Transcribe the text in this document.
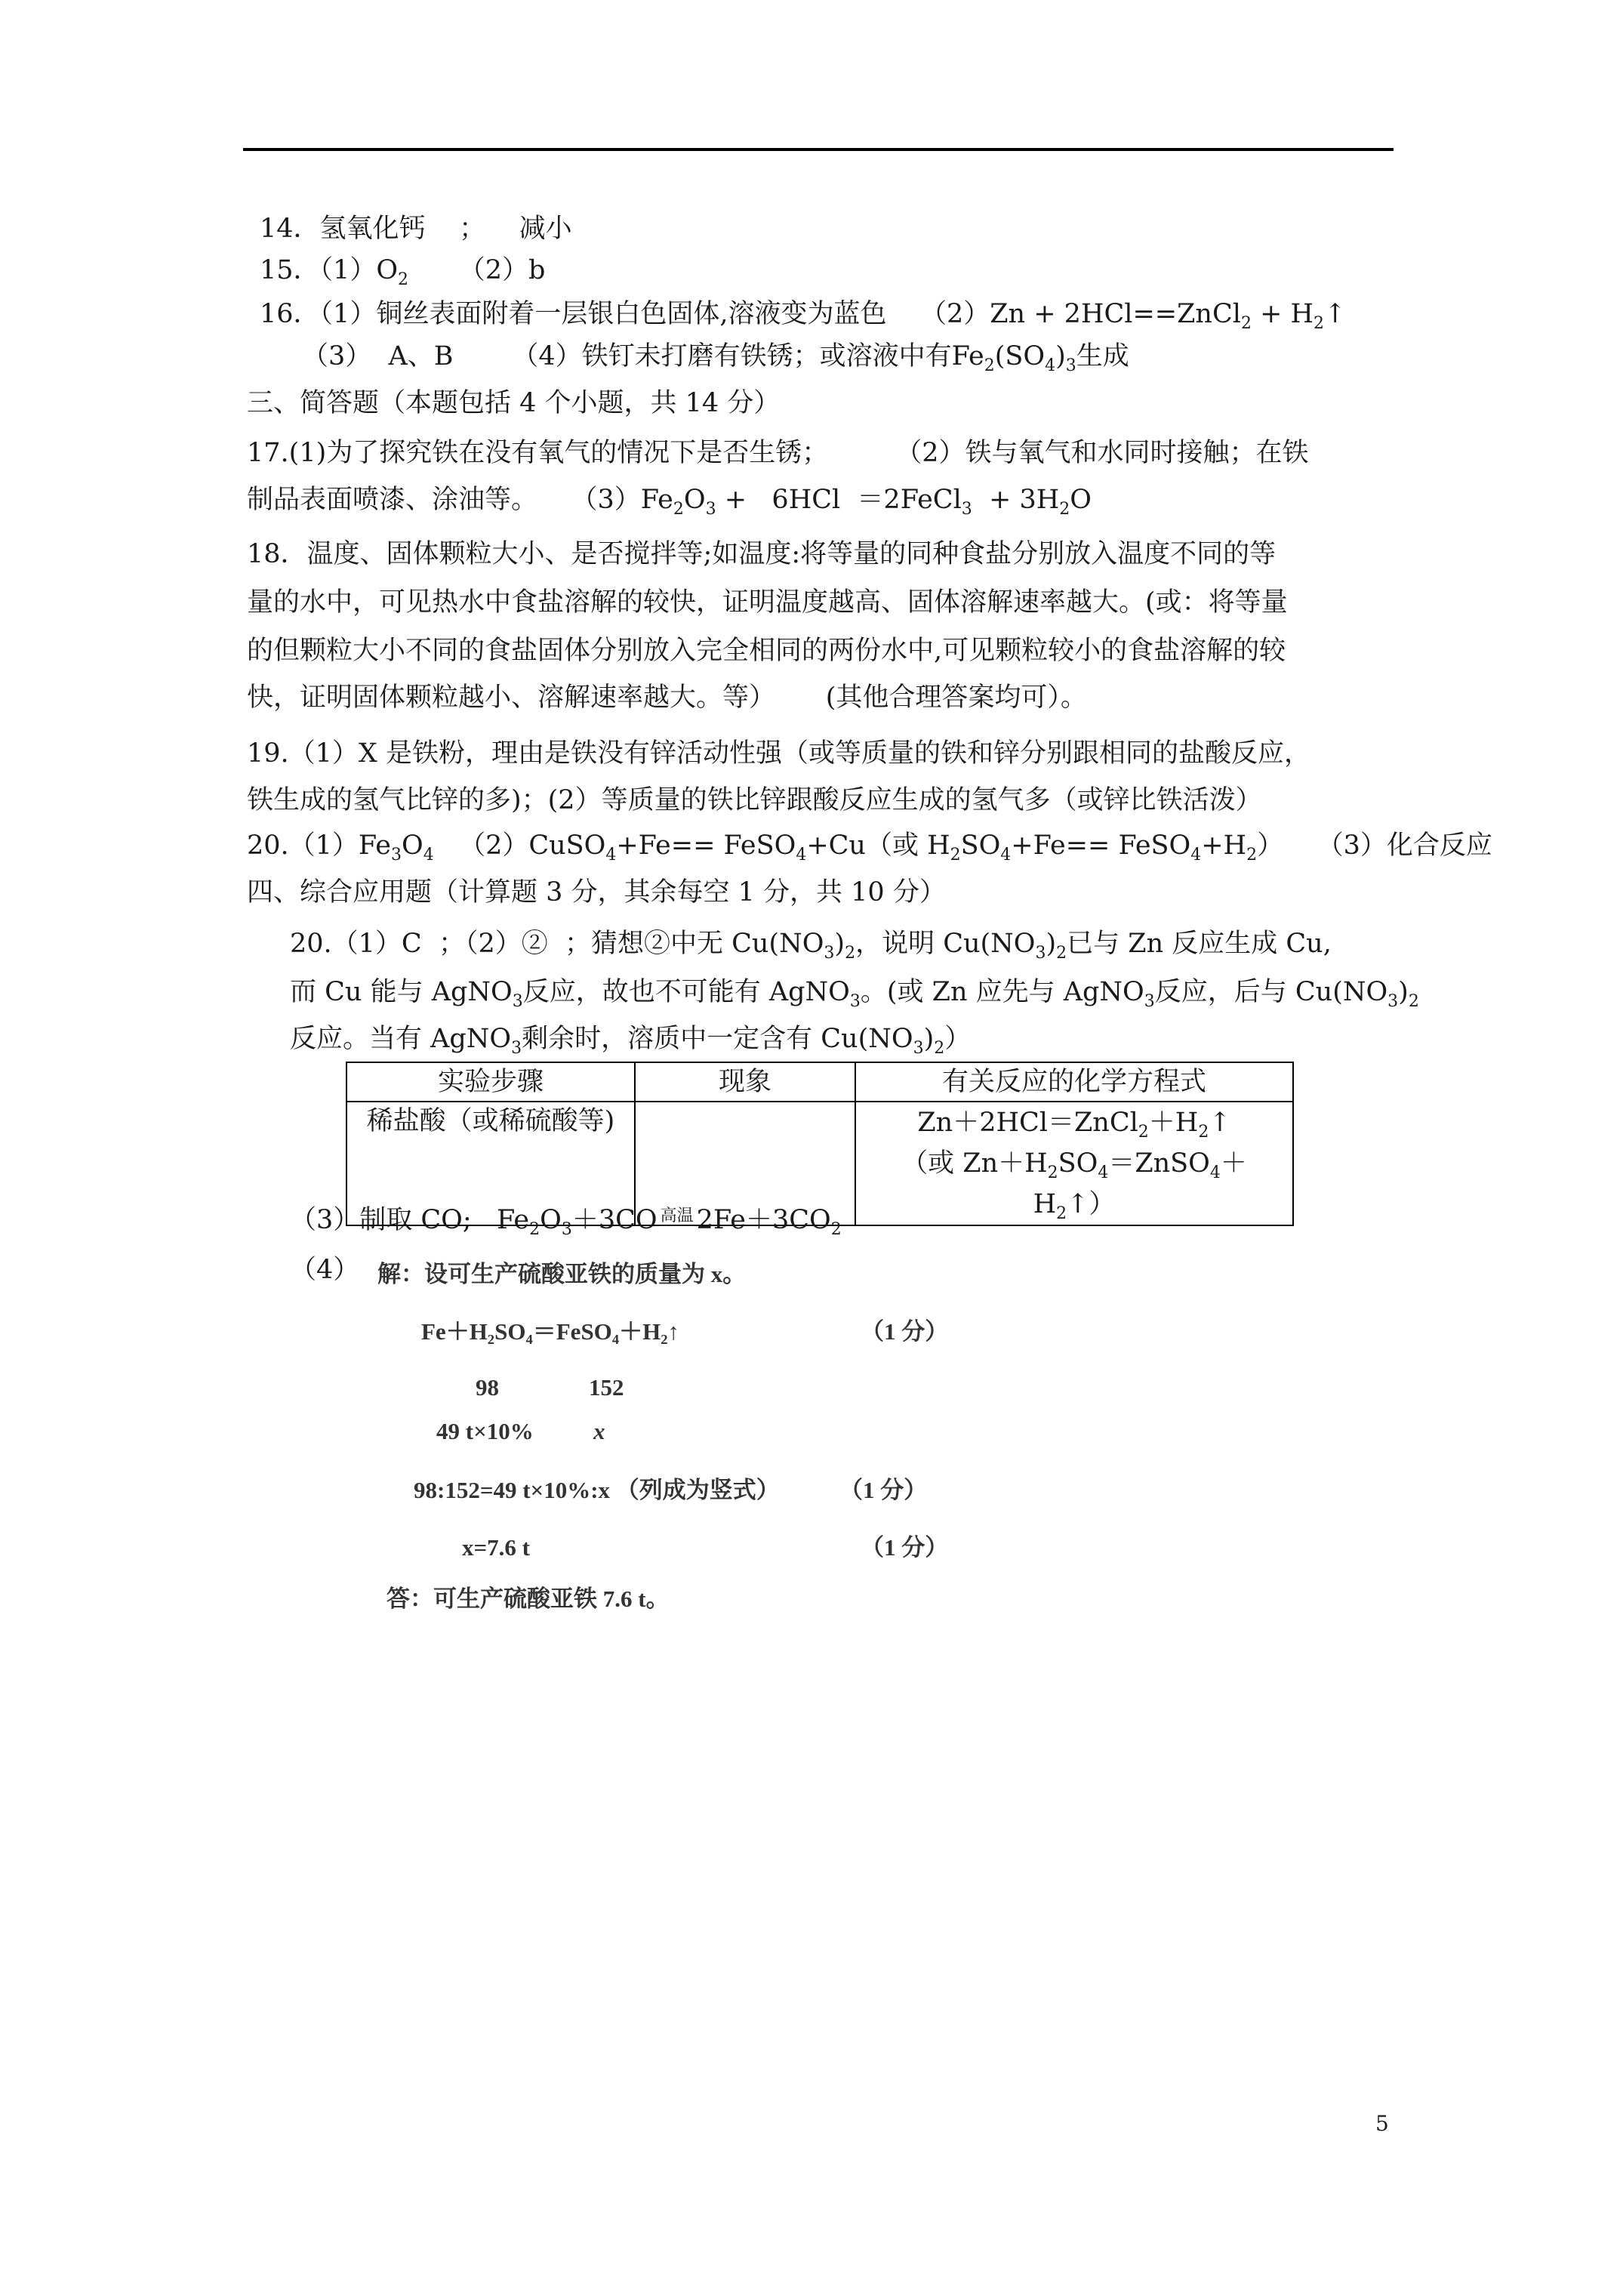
14．氢氧化钙 ； 减小
15．$(1)O_2$ （2）b
16．（1）铜丝表面附着一层银白色固体,溶液变为蓝色 （2）Zn + 2HCl==ZnCl$_2$ + $H_2↑$
（3）  A、B （4）铁钉未打磨有铁锈；或溶液中有$Fe_2(SO_4)_3$生成
三、简答题（本题包括 4 个小题，共 14 分）
17.(1)为了探究铁在没有氧气的情况下是否生锈；	（2）铁与氧气和水同时接触；在铁
制品表面喷漆、涂油等。 $(3)Fe_2O_3 + 6HCl$  ＝2FeCl$_3$  + $3H_2O$
18．温度、固体颗粒大小、是否搅拌等;如温度:将等量的同种食盐分别放入温度不同的等
量的水中，可见热水中食盐溶解的较快，证明温度越高、固体溶解速率越大。(或：将等量
的但颗粒大小不同的食盐固体分别放入完全相同的两份水中,可见颗粒较小的食盐溶解的较
快，证明固体颗粒越小、溶解速率越大。等）      (其他合理答案均可）。
19.（1）X 是铁粉，理由是铁没有锌活动性强（或等质量的铁和锌分别跟相同的盐酸反应，
铁生成的氢气比锌的多)；(2）等质量的铁比锌跟酸反应生成的氢气多（或锌比铁活泼）
$20.(1)Fe_3O_4$   （2）CuSO$_4$+Fe== FeSO$_4$+Cu（或 $H_2SO_4+Fe==$ $FeSO_4+H_2$）    （3）化合反应
四、综合应用题（计算题 3 分，其余每空 1 分，共 10 分）
20.（1）C  ；（2）②  ；猜想②中无 $Cu(NO_3)_2$，说明 $Cu(NO_3)_2$已与 Zn 反应生成 Cu,
而 Cu 能与 AgNO$_3$反应，故也不可能有 AgNO$_3$。(或 Zn 应先与 AgNO$_3$反应，后与 $Cu(NO_3)_2$
反应。当有 AgNO$_3$剩余时，溶质中一定含有 $Cu(NO_3)_2$）
实验步骤	现象	有关反应的化学方程式
稀盐酸（或稀硫酸等)		$Zn+2HCl=ZnCl_2+H_2↑$
（或 $Zn+H_2SO_4=ZnSO_4+H_2↑$）
（3）制取 CO;   $Fe_2O_3+3CO$ 高温 $2Fe+3CO_2$
（4） 解：设可生产硫酸亚铁的质量为 x。
Fe＋H₂SO₄＝FeSO₄＋H₂↑	（1 分）
98	152
49 t×10%	x
98:152=49 t×10%:x （列成为竖式）	（1 分）
x=7.6 t	（1 分）
答：可生产硫酸亚铁 7.6 t。
5
